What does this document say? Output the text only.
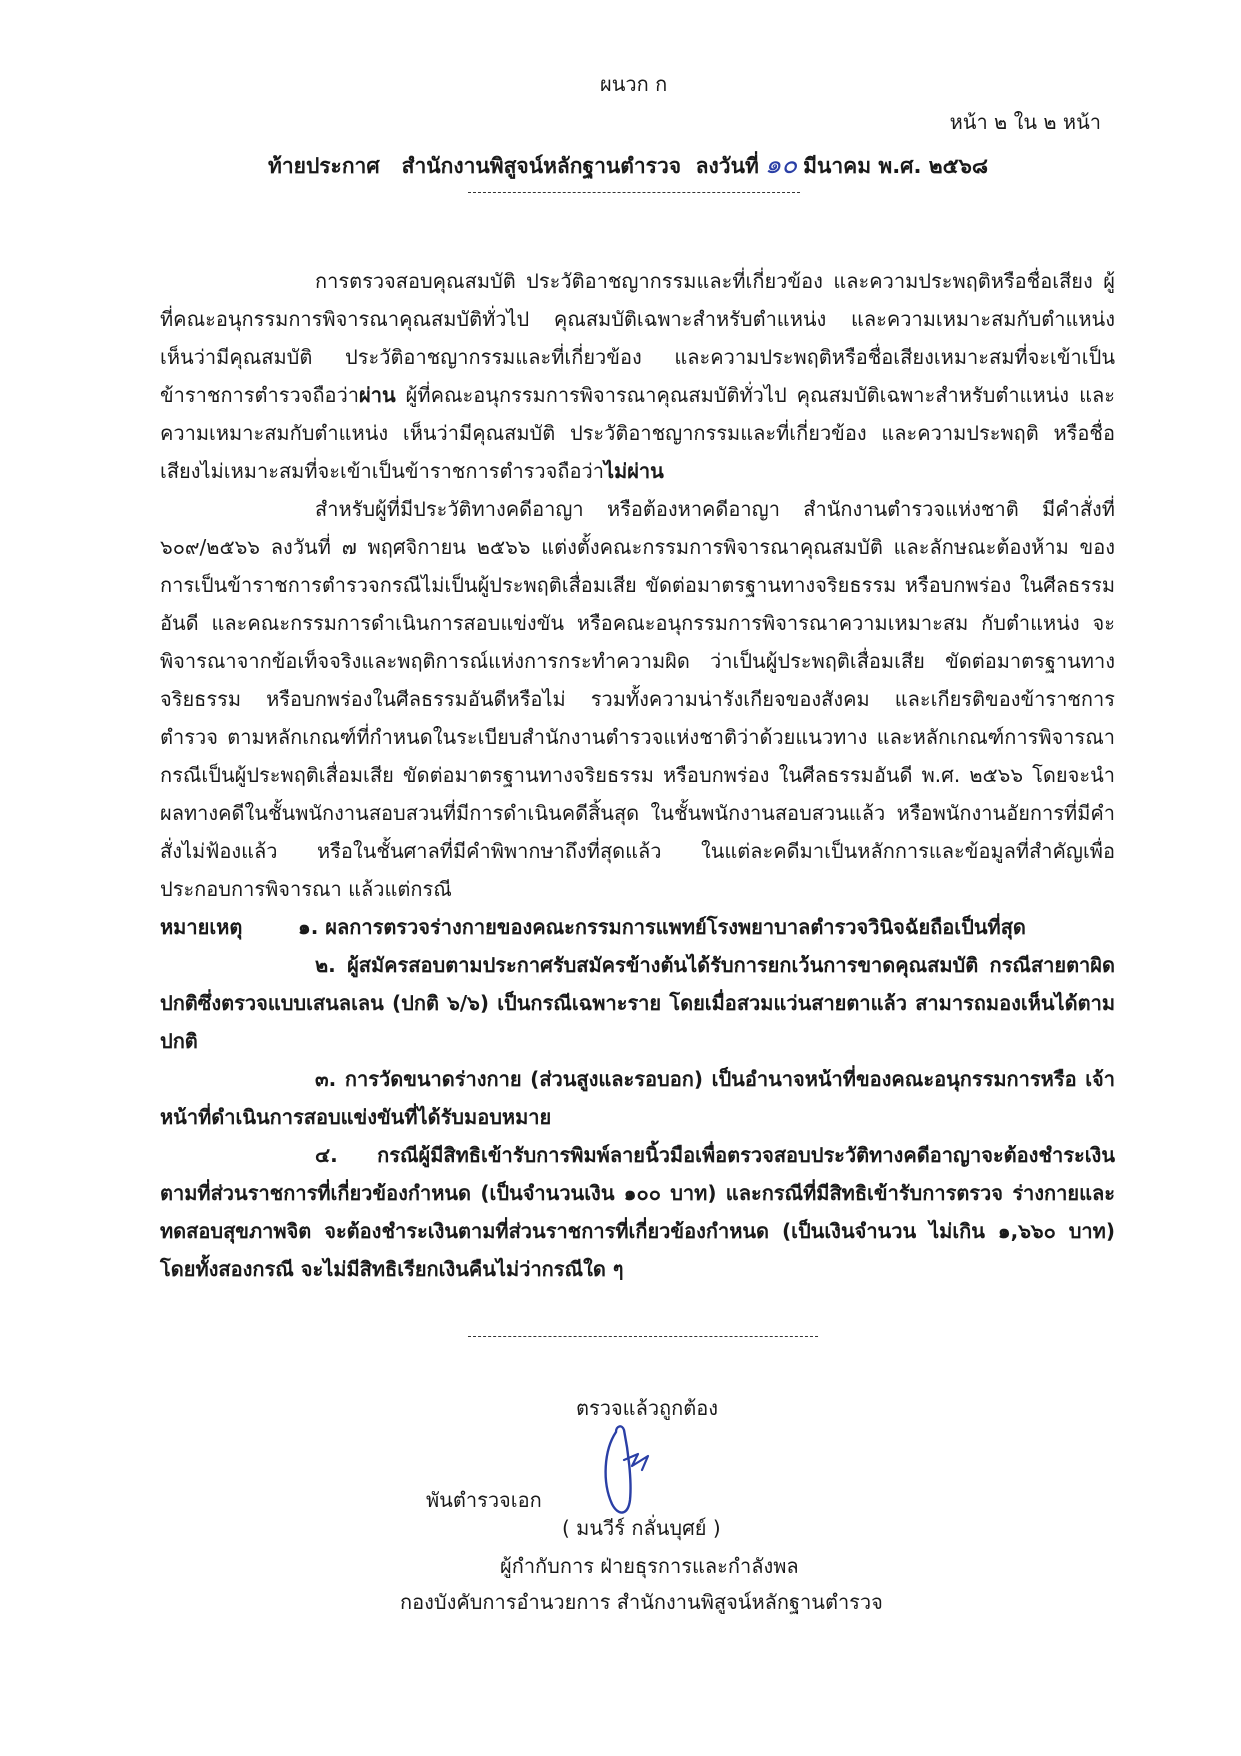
ผนวก ก
หน้า ๒ ใน ๒ หน้า
ท้ายประกาศ สำนักงานพิสูจน์หลักฐานตำรวจ ลงวันที่ ๑๐ มีนาคม พ.ศ. ๒๕๖๘

การตรวจสอบคุณสมบัติ ประวัติอาชญากรรมและที่เกี่ยวข้อง และความประพฤติหรือชื่อเสียง ผู้ที่คณะอนุกรรมการพิจารณาคุณสมบัติทั่วไป คุณสมบัติเฉพาะสำหรับตำแหน่ง และความเหมาะสมกับตำแหน่ง เห็นว่ามีคุณสมบัติ ประวัติอาชญากรรมและที่เกี่ยวข้อง และความประพฤติหรือชื่อเสียงเหมาะสมที่จะเข้าเป็น ข้าราชการตำรวจถือว่าผ่าน ผู้ที่คณะอนุกรรมการพิจารณาคุณสมบัติทั่วไป คุณสมบัติเฉพาะสำหรับตำแหน่ง และความเหมาะสมกับตำแหน่ง เห็นว่ามีคุณสมบัติ ประวัติอาชญากรรมและที่เกี่ยวข้อง และความประพฤติ หรือชื่อเสียงไม่เหมาะสมที่จะเข้าเป็นข้าราชการตำรวจถือว่าไม่ผ่าน

สำหรับผู้ที่มีประวัติทางคดีอาญา หรือต้องหาคดีอาญา สำนักงานตำรวจแห่งชาติ มีคำสั่งที่ ๖๐๙/๒๕๖๖ ลงวันที่ ๗ พฤศจิกายน ๒๕๖๖ แต่งตั้งคณะกรรมการพิจารณาคุณสมบัติ และลักษณะต้องห้าม ของการเป็นข้าราชการตำรวจกรณีไม่เป็นผู้ประพฤติเสื่อมเสีย ขัดต่อมาตรฐานทางจริยธรรม หรือบกพร่อง ในศีลธรรมอันดี และคณะกรรมการดำเนินการสอบแข่งขัน หรือคณะอนุกรรมการพิจารณาความเหมาะสม กับตำแหน่ง จะพิจารณาจากข้อเท็จจริงและพฤติการณ์แห่งการกระทำความผิด ว่าเป็นผู้ประพฤติเสื่อมเสีย ขัดต่อมาตรฐานทางจริยธรรม หรือบกพร่องในศีลธรรมอันดีหรือไม่ รวมทั้งความน่ารังเกียจของสังคม และเกียรติของข้าราชการตำรวจ ตามหลักเกณฑ์ที่กำหนดในระเบียบสำนักงานตำรวจแห่งชาติว่าด้วยแนวทาง และหลักเกณฑ์การพิจารณากรณีเป็นผู้ประพฤติเสื่อมเสีย ขัดต่อมาตรฐานทางจริยธรรม หรือบกพร่อง ในศีลธรรมอันดี พ.ศ. ๒๕๖๖ โดยจะนำผลทางคดีในชั้นพนักงานสอบสวนที่มีการดำเนินคดีสิ้นสุด ในชั้นพนักงานสอบสวนแล้ว หรือพนักงานอัยการที่มีคำสั่งไม่ฟ้องแล้ว หรือในชั้นศาลที่มีคำพิพากษาถึงที่สุดแล้ว ในแต่ละคดีมาเป็นหลักการและข้อมูลที่สำคัญเพื่อประกอบการพิจารณา แล้วแต่กรณี

หมายเหตุ	๑. ผลการตรวจร่างกายของคณะกรรมการแพทย์โรงพยาบาลตำรวจวินิจฉัยถือเป็นที่สุด

๒. ผู้สมัครสอบตามประกาศรับสมัครข้างต้นได้รับการยกเว้นการขาดคุณสมบัติ กรณีสายตาผิดปกติซึ่งตรวจแบบเสนลเลน (ปกติ ๖/๖) เป็นกรณีเฉพาะราย โดยเมื่อสวมแว่นสายตาแล้ว สามารถมองเห็นได้ตามปกติ

๓. การวัดขนาดร่างกาย (ส่วนสูงและรอบอก) เป็นอำนาจหน้าที่ของคณะอนุกรรมการหรือ เจ้าหน้าที่ดำเนินการสอบแข่งขันที่ได้รับมอบหมาย

๔. กรณีผู้มีสิทธิเข้ารับการพิมพ์ลายนิ้วมือเพื่อตรวจสอบประวัติทางคดีอาญาจะต้องชำระเงิน ตามที่ส่วนราชการที่เกี่ยวข้องกำหนด (เป็นจำนวนเงิน ๑๐๐ บาท) และกรณีที่มีสิทธิเข้ารับการตรวจ ร่างกายและทดสอบสุขภาพจิต จะต้องชำระเงินตามที่ส่วนราชการที่เกี่ยวข้องกำหนด (เป็นเงินจำนวน ไม่เกิน ๑,๖๖๐ บาท) โดยทั้งสองกรณี จะไม่มีสิทธิเรียกเงินคืนไม่ว่ากรณีใด ๆ

ตรวจแล้วถูกต้อง
พันตำรวจเอก
( มนวีร์ กลั่นบุศย์ )
ผู้กำกับการ ฝ่ายธุรการและกำลังพล
กองบังคับการอำนวยการ สำนักงานพิสูจน์หลักฐานตำรวจ
